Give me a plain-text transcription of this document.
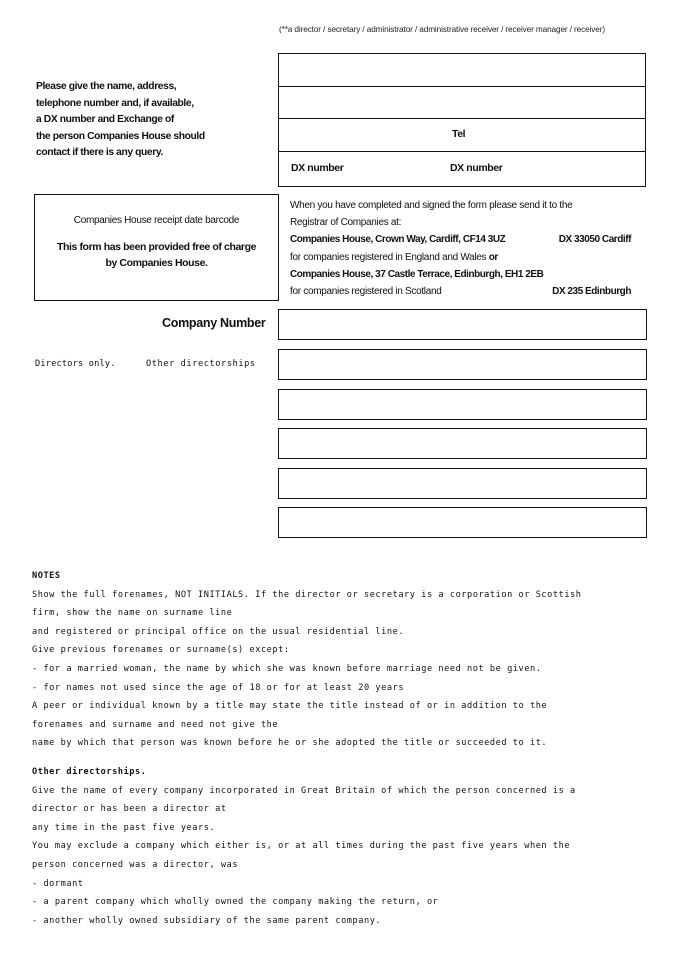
(**a director / secretary / administrator / administrative receiver / receiver manager / receiver)
Please give the name, address,
telephone number and, if available,
a DX number and Exchange of
the person Companies House should
contact if there is any query.
Tel
DX number	DX number
Companies House receipt date barcode
This form has been provided free of charge
by Companies House.
When you have completed and signed the form please send it to the
Registrar of Companies at:
Companies House, Crown Way, Cardiff, CF14 3UZ	DX 33050 Cardiff
for companies registered in England and Wales or
Companies House, 37 Castle Terrace, Edinburgh, EH1 2EB
for companies registered in Scotland	DX 235 Edinburgh
Company Number
Directors only.	Other directorships
NOTES
Show the full forenames, NOT INITIALS. If the director or secretary is a corporation or Scottish
firm, show the name on surname line
and registered or principal office on the usual residential line.
Give previous forenames or surname(s) except:
- for a married woman, the name by which she was known before marriage need not be given.
- for names not used since the age of 18 or for at least 20 years
A peer or individual known by a title may state the title instead of or in addition to the
forenames and surname and need not give the
name by which that person was known before he or she adopted the title or succeeded to it.
Other directorships.
Give the name of every company incorporated in Great Britain of which the person concerned is a
director or has been a director at
any time in the past five years.
You may exclude a company which either is, or at all times during the past five years when the
person concerned was a director, was
- dormant
- a parent company which wholly owned the company making the return, or
- another wholly owned subsidiary of the same parent company.
